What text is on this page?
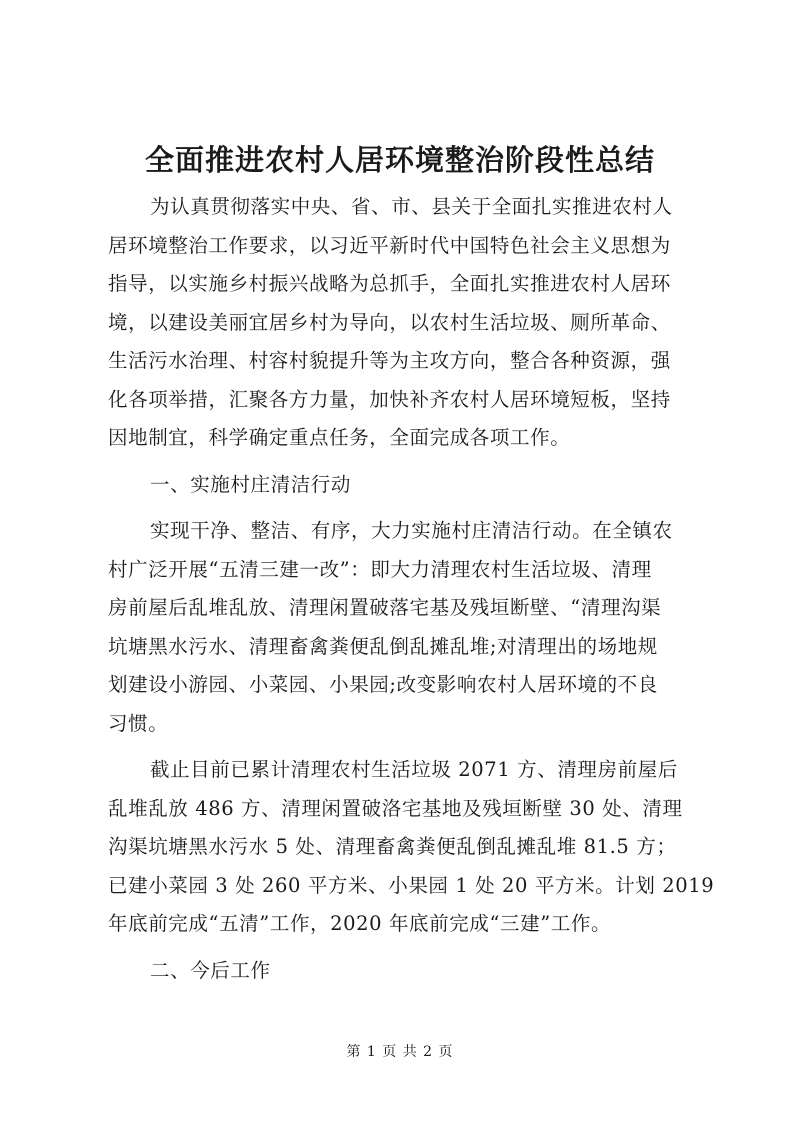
全面推进农村人居环境整治阶段性总结
为认真贯彻落实中央、省、市、县关于全面扎实推进农村人
居环境整治工作要求，以习近平新时代中国特色社会主义思想为
指导，以实施乡村振兴战略为总抓手，全面扎实推进农村人居环
境，以建设美丽宜居乡村为导向，以农村生活垃圾、厕所革命、
生活污水治理、村容村貌提升等为主攻方向，整合各种资源，强
化各项举措，汇聚各方力量，加快补齐农村人居环境短板，坚持
因地制宜，科学确定重点任务，全面完成各项工作。
一、实施村庄清洁行动
实现干净、整洁、有序，大力实施村庄清洁行动。在全镇农
村广泛开展“五清三建一改”：即大力清理农村生活垃圾、清理
房前屋后乱堆乱放、清理闲置破落宅基及残垣断壁、“清理沟渠
坑塘黑水污水、清理畜禽粪便乱倒乱摊乱堆;对清理出的场地规
划建设小游园、小菜园、小果园;改变影响农村人居环境的不良
习惯。
截止目前已累计清理农村生活垃圾 2071 方、清理房前屋后
乱堆乱放 486 方、清理闲置破洛宅基地及残垣断壁 30 处、清理
沟渠坑塘黑水污水 5 处、清理畜禽粪便乱倒乱摊乱堆 81.5 方；
已建小菜园 3 处 260 平方米、小果园 1 处 20 平方米。计划 2019
年底前完成“五清”工作，2020 年底前完成“三建”工作。
二、今后工作
第 1 页 共 2 页
